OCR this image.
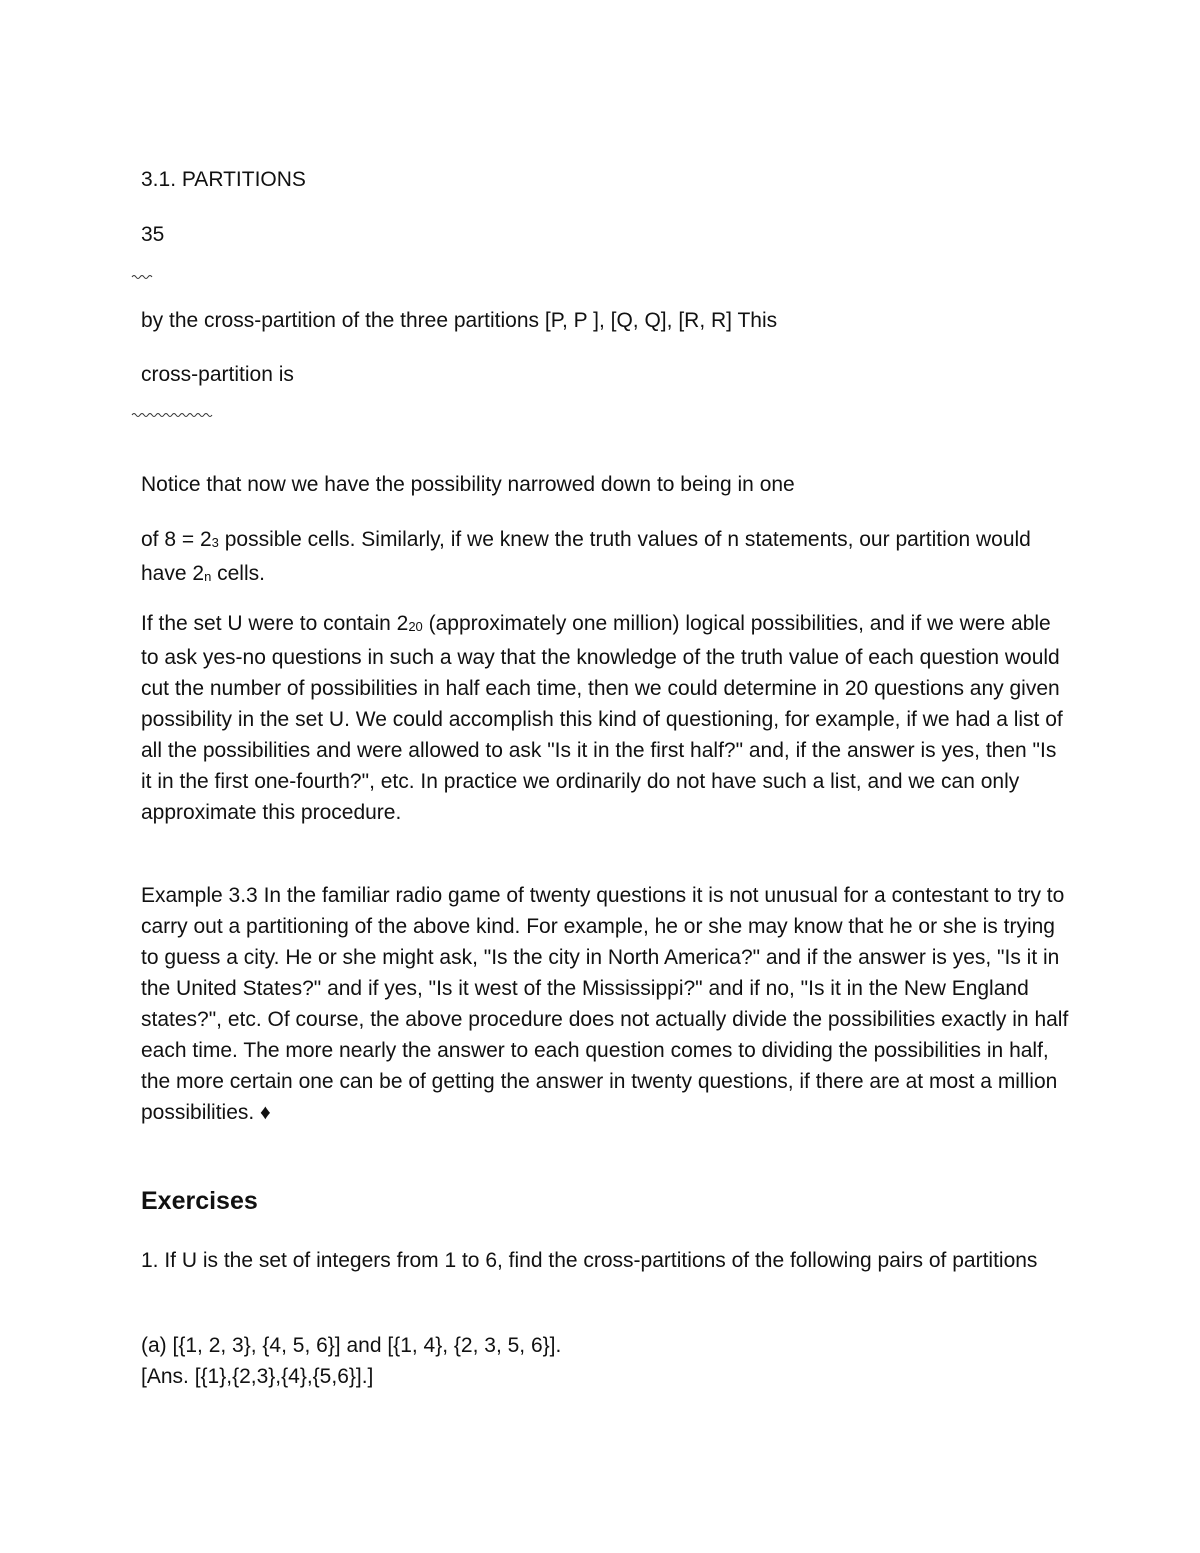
3.1. PARTITIONS

35

by the cross-partition of the three partitions [P, P ], [Q, Q], [R, R] This

cross-partition is

Notice that now we have the possibility narrowed down to being in one

of 8 = 23 possible cells. Similarly, if we knew the truth values of n statements, our partition would have 2n cells.

If the set U were to contain 220 (approximately one million) logical possibilities, and if we were able to ask yes-no questions in such a way that the knowledge of the truth value of each question would cut the number of possibilities in half each time, then we could determine in 20 questions any given possibility in the set U. We could accomplish this kind of questioning, for example, if we had a list of all the possibilities and were allowed to ask "Is it in the first half?" and, if the answer is yes, then "Is it in the first one-fourth?", etc. In practice we ordinarily do not have such a list, and we can only approximate this procedure.

Example 3.3 In the familiar radio game of twenty questions it is not unusual for a contestant to try to carry out a partitioning of the above kind. For example, he or she may know that he or she is trying to guess a city. He or she might ask, "Is the city in North America?" and if the answer is yes, "Is it in the United States?" and if yes, "Is it west of the Mississippi?" and if no, "Is it in the New England states?", etc. Of course, the above procedure does not actually divide the possibilities exactly in half each time. The more nearly the answer to each question comes to dividing the possibilities in half, the more certain one can be of getting the answer in twenty questions, if there are at most a million possibilities. ♦

Exercises

1. If U is the set of integers from 1 to 6, find the cross-partitions of the following pairs of partitions

(a) [{1, 2, 3}, {4, 5, 6}] and [{1, 4}, {2, 3, 5, 6}].

[Ans. [{1},{2,3},{4},{5,6}].]
